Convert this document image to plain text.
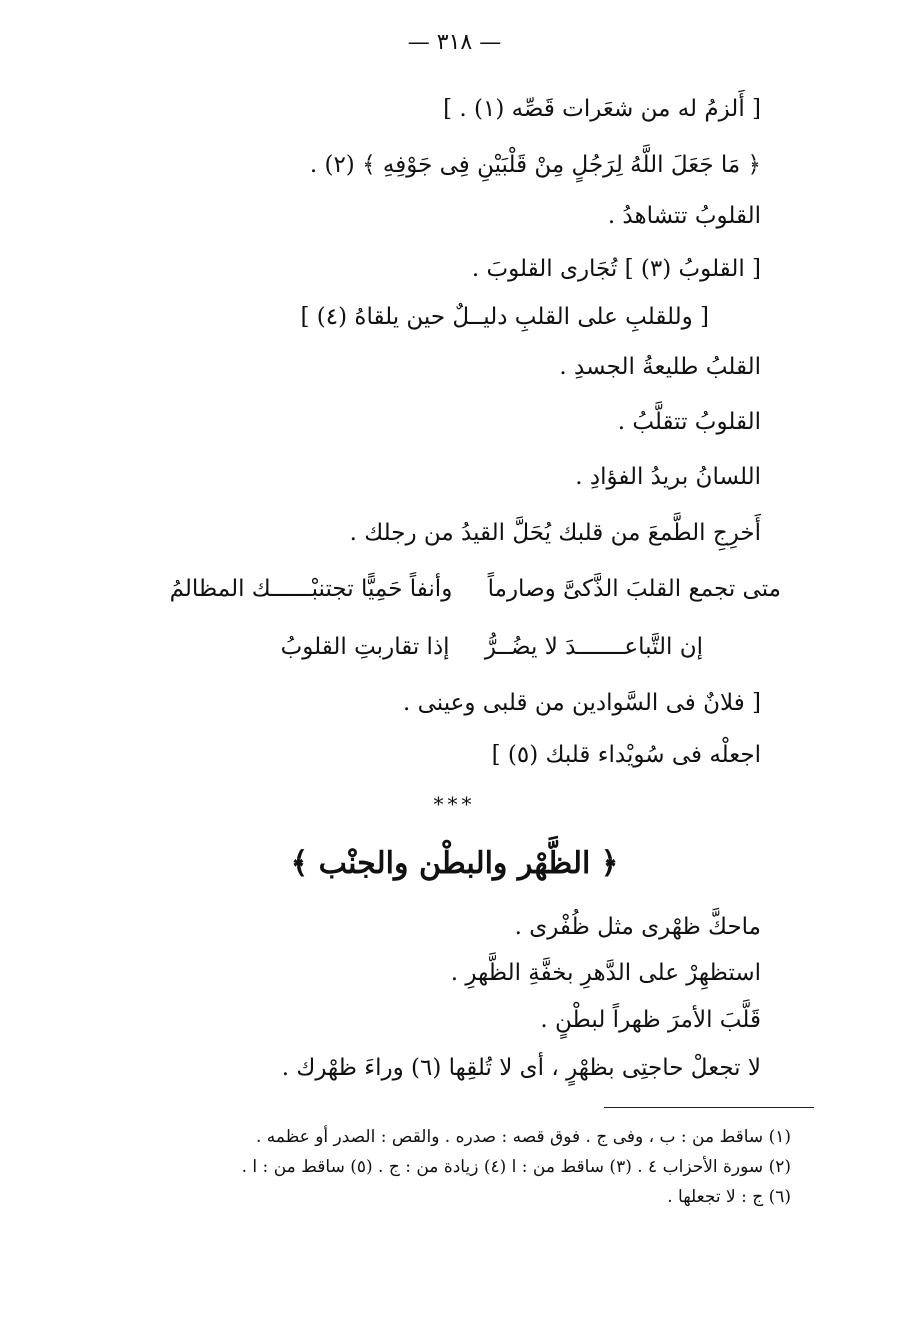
— ٣١٨ —
[ أَلزمُ له من شعَرات قَصِّه (١) . ]
﴿ مَا جَعَلَ اللَّهُ لِرَجُلٍ مِنْ قَلْبَيْنِ فِى جَوْفِهِ ﴾ (٢) .
القلوبُ تتشاهدُ .
[ القلوبُ (٣) ] تُجَارى القلوبَ .
[ وللقلبِ على القلبِ دليــلٌ حين يلقاهُ (٤) ]
القلبُ طليعةُ الجسدِ .
القلوبُ تتقلَّبُ .
اللسانُ بريدُ الفؤادِ .
أَخرِجِ الطَّمعَ من قلبك يُحَلَّ القيدُ من رجلك .
متى تجمع القلبَ الذَّكىَّ وصارماً وأنفاً حَمِيًّا تجتنبْــــــك المظالمُ
إن التَّباعـــــــدَ لا يضُــرُّ إذا تقاربتِ القلوبُ
[ فلانٌ فى السَّوادين من قلبى وعينى .
اجعلْه فى سُويْداء قلبك (٥) ]
***
﴿ الظَّهْر والبطْن والجنْب ﴾
ماحكَّ ظهْرى مثل ظُفْرى .
استظهِرْ على الدَّهرِ بخفَّةِ الظَّهرِ .
قَلَّبَ الأمرَ ظهراً لبطْنٍ .
لا تجعلْ حاجتِى بظهْرٍ ، أى لا تُلقِها (٦) وراءَ ظهْرك .
(١) ساقط من : ب ، وفى ج . فوق قصه : صدره . والقص : الصدر أو عظمه .
(٢) سورة الأحزاب ٤ . (٣) ساقط من : ا (٤) زيادة من : ج . (٥) ساقط من : ا .
(٦) ج : لا تجعلها .
